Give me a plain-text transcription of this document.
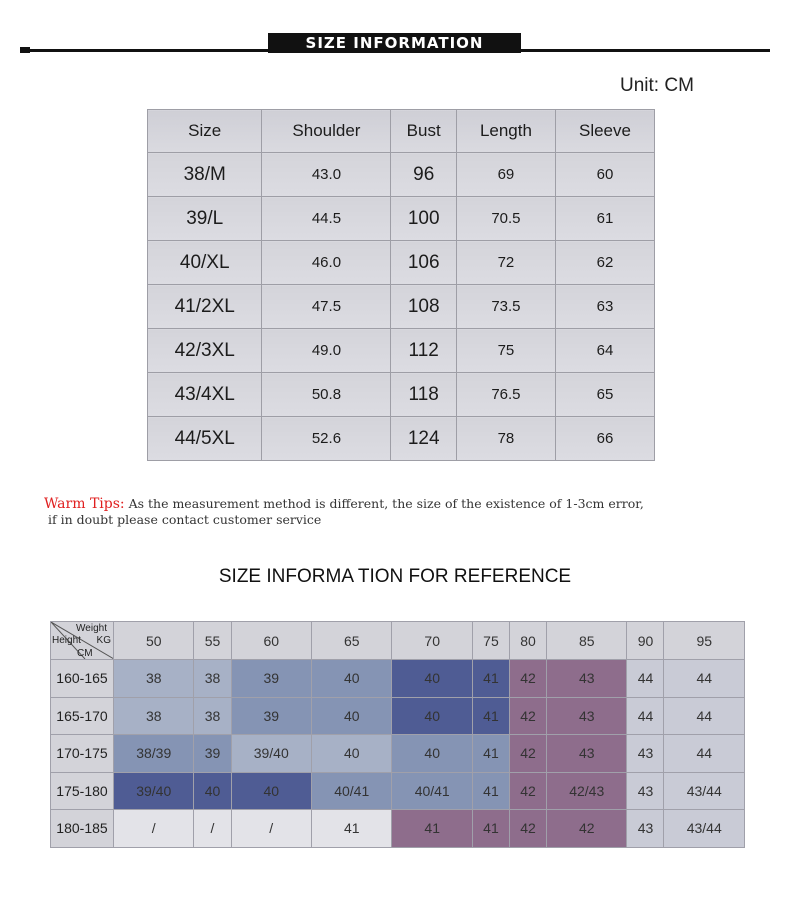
SIZE INFORMATION
Unit: CM
Size	Shoulder	Bust	Length	Sleeve
38/M	43.0	96	69	60
39/L	44.5	100	70.5	61
40/XL	46.0	106	72	62
41/2XL	47.5	108	73.5	63
42/3XL	49.0	112	75	64
43/4XL	50.8	118	76.5	65
44/5XL	52.6	124	78	66
Warm Tips: As the measurement method is different, the size of the existence of 1-3cm error,
if in doubt please contact customer service
SIZE INFORMA TION FOR REFERENCE
Weight
KG
Height
CM	50	55	60	65	70	75	80	85	90	95
160-165	38	38	39	40	40	41	42	43	44	44
165-170	38	38	39	40	40	41	42	43	44	44
170-175	38/39	39	39/40	40	40	41	42	43	43	44
175-180	39/40	40	40	40/41	40/41	41	42	42/43	43	43/44
180-185	/	/	/	41	41	41	42	42	43	43/44
